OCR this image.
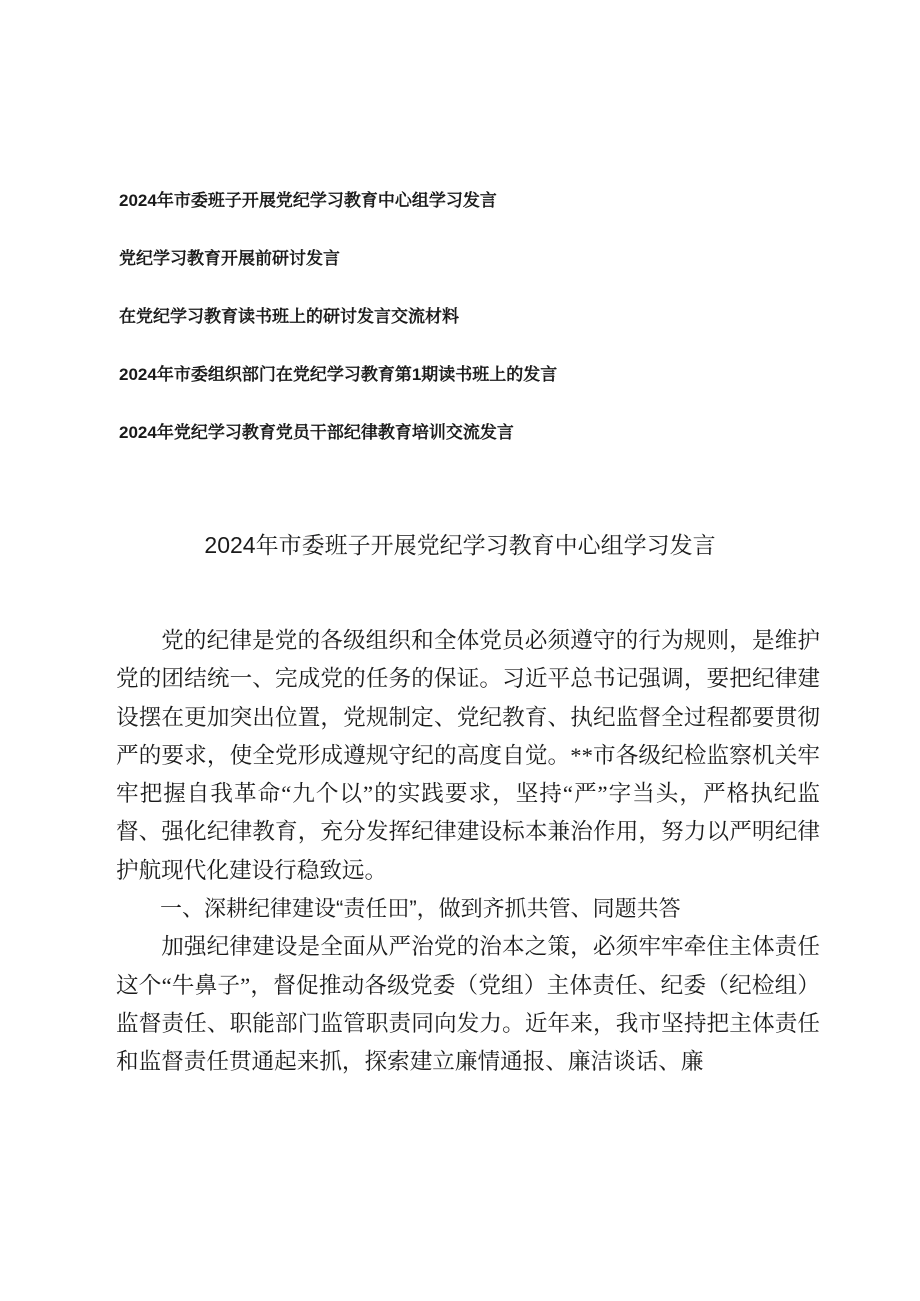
2024年市委班子开展党纪学习教育中心组学习发言
党纪学习教育开展前研讨发言
在党纪学习教育读书班上的研讨发言交流材料
2024年市委组织部门在党纪学习教育第1期读书班上的发言
2024年党纪学习教育党员干部纪律教育培训交流发言
2024年市委班子开展党纪学习教育中心组学习发言

党的纪律是党的各级组织和全体党员必须遵守的行为规则，是维护党的团结统一、完成党的任务的保证。习近平总书记强调，要把纪律建设摆在更加突出位置，党规制定、党纪教育、执纪监督全过程都要贯彻严的要求，使全党形成遵规守纪的高度自觉。**市各级纪检监察机关牢牢把握自我革命“九个以”的实践要求，坚持“严”字当头，严格执纪监督、强化纪律教育，充分发挥纪律建设标本兼治作用，努力以严明纪律护航现代化建设行稳致远。

一、深耕纪律建设“责任田”，做到齐抓共管、同题共答

加强纪律建设是全面从严治党的治本之策，必须牢牢牵住主体责任这个“牛鼻子”，督促推动各级党委（党组）主体责任、纪委（纪检组）监督责任、职能部门监管职责同向发力。近年来，我市坚持把主体责任和监督责任贯通起来抓，探索建立廉情通报、廉洁谈话、廉
